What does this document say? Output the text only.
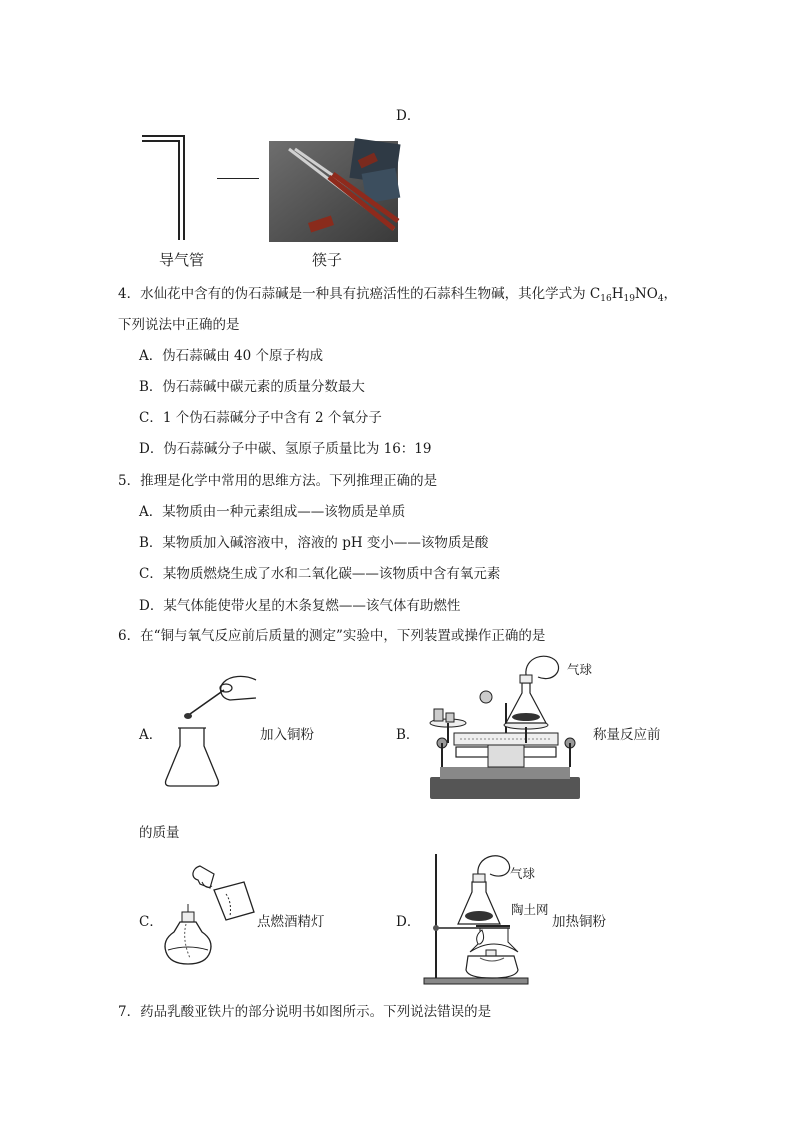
D．
导气管	筷子
4．水仙花中含有的伪石蒜碱是一种具有抗癌活性的石蒜科生物碱，其化学式为 $C_{16}H_{19}NO_4$，
下列说法中正确的是
A．伪石蒜碱由 40 个原子构成
B．伪石蒜碱中碳元素的质量分数最大
C．1 个伪石蒜碱分子中含有 2 个氧分子
D．伪石蒜碱分子中碳、氢原子质量比为 16：19
5．推理是化学中常用的思维方法。下列推理正确的是
A．某物质由一种元素组成——该物质是单质
B．某物质加入碱溶液中，溶液的 pH 变小——该物质是酸
C．某物质燃烧生成了水和二氧化碳——该物质中含有氧元素
D．某气体能使带火星的木条复燃——该气体有助燃性
6．在“铜与氧气反应前后质量的测定”实验中，下列装置或操作正确的是
A．	加入铜粉	B．
气球
称量反应前
的质量
C．	点燃酒精灯	D．
气球
陶土网
加热铜粉
7．药品乳酸亚铁片的部分说明书如图所示。下列说法错误的是
